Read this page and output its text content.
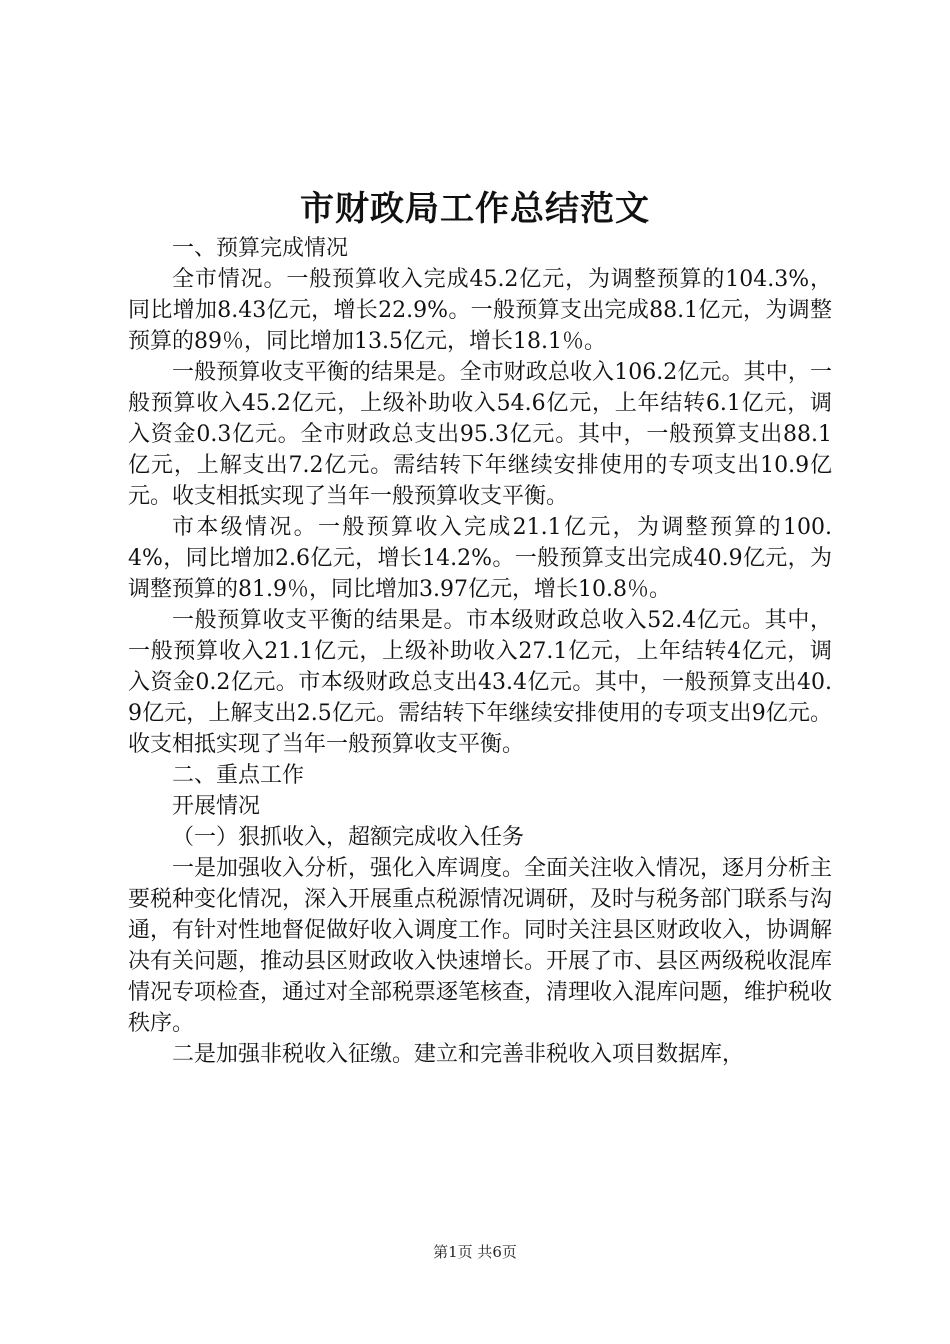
市财政局工作总结范文

一、预算完成情况

全市情况。一般预算收入完成45.2亿元，为调整预算的104.3%，同比增加8.43亿元，增长22.9%。一般预算支出完成88.1亿元，为调整预算的89％，同比增加13.5亿元，增长18.1％。

一般预算收支平衡的结果是。全市财政总收入106.2亿元。其中，一般预算收入45.2亿元，上级补助收入54.6亿元，上年结转6.1亿元，调入资金0.3亿元。全市财政总支出95.3亿元。其中，一般预算支出88.1亿元，上解支出7.2亿元。需结转下年继续安排使用的专项支出10.9亿元。收支相抵实现了当年一般预算收支平衡。

市本级情况。一般预算收入完成21.1亿元，为调整预算的100.4%，同比增加2.6亿元，增长14.2%。一般预算支出完成40.9亿元，为调整预算的81.9％，同比增加3.97亿元，增长10.8％。

一般预算收支平衡的结果是。市本级财政总收入52.4亿元。其中，一般预算收入21.1亿元，上级补助收入27.1亿元，上年结转4亿元，调入资金0.2亿元。市本级财政总支出43.4亿元。其中，一般预算支出40.9亿元，上解支出2.5亿元。需结转下年继续安排使用的专项支出9亿元。收支相抵实现了当年一般预算收支平衡。

二、重点工作

开展情况

（一）狠抓收入，超额完成收入任务

一是加强收入分析，强化入库调度。全面关注收入情况，逐月分析主要税种变化情况，深入开展重点税源情况调研，及时与税务部门联系与沟通，有针对性地督促做好收入调度工作。同时关注县区财政收入，协调解决有关问题，推动县区财政收入快速增长。开展了市、县区两级税收混库情况专项检查，通过对全部税票逐笔核查，清理收入混库问题，维护税收秩序。

二是加强非税收入征缴。建立和完善非税收入项目数据库，

第1页 共6页
